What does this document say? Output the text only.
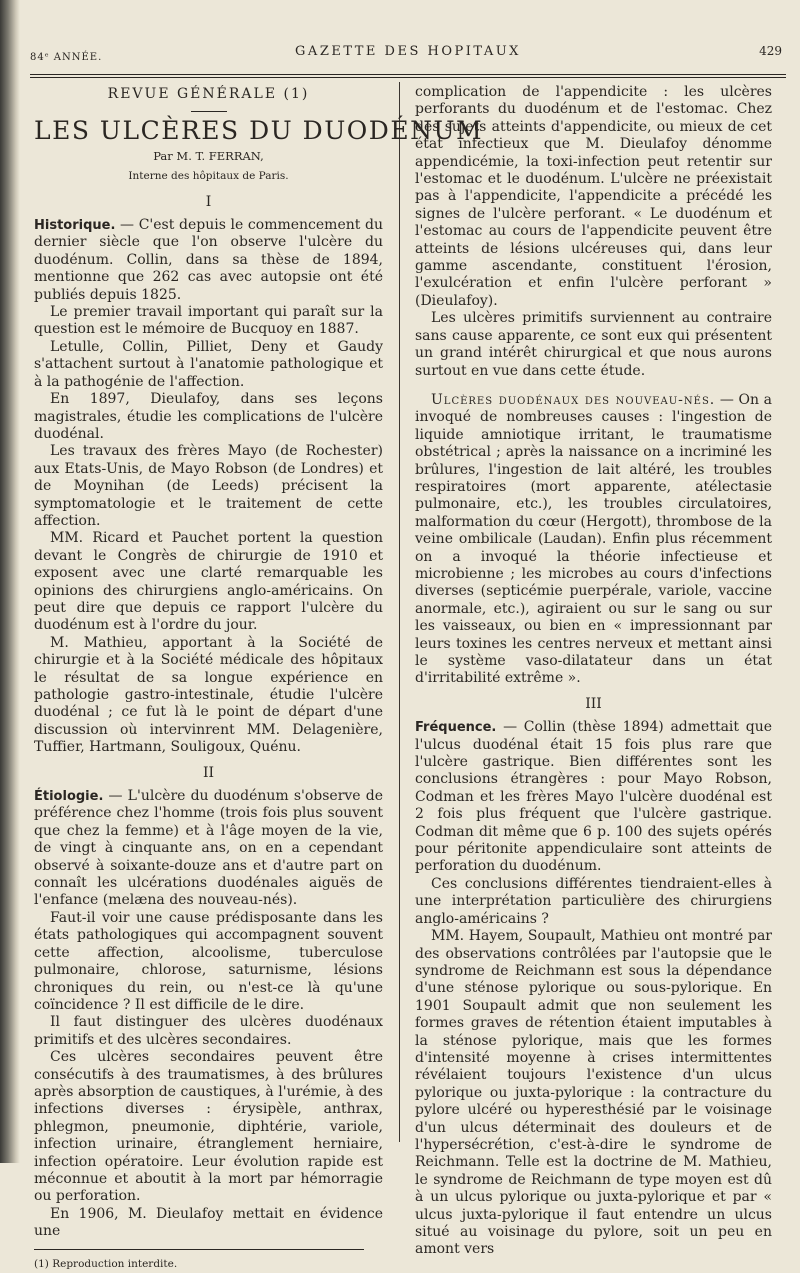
84ᵉ ANNÉE.	GAZETTE DES HOPITAUX	429
REVUE GÉNÉRALE (1)
LES ULCÈRES DU DUODÉNUM
Par M. T. FERRAN,
Interne des hôpitaux de Paris.
I

Historique. — C'est depuis le commencement du dernier siècle que l'on observe l'ulcère du duodénum. Collin, dans sa thèse de 1894, mentionne que 262 cas avec autopsie ont été publiés depuis 1825.

Le premier travail important qui paraît sur la question est le mémoire de Bucquoy en 1887.

Letulle, Collin, Pilliet, Deny et Gaudy s'attachent surtout à l'anatomie pathologique et à la pathogénie de l'affection.

En 1897, Dieulafoy, dans ses leçons magistrales, étudie les complications de l'ulcère duodénal.

Les travaux des frères Mayo (de Rochester) aux Etats-Unis, de Mayo Robson (de Londres) et de Moynihan (de Leeds) précisent la symptomatologie et le traitement de cette affection.

MM. Ricard et Pauchet portent la question devant le Congrès de chirurgie de 1910 et exposent avec une clarté remarquable les opinions des chirurgiens anglo-américains. On peut dire que depuis ce rapport l'ulcère du duodénum est à l'ordre du jour.

M. Mathieu, apportant à la Société de chirurgie et à la Société médicale des hôpitaux le résultat de sa longue expérience en pathologie gastro-intestinale, étudie l'ulcère duodénal ; ce fut là le point de départ d'une discussion où intervinrent MM. Delagenière, Tuffier, Hartmann, Souligoux, Quénu.

II

Étiologie. — L'ulcère du duodénum s'observe de préférence chez l'homme (trois fois plus souvent que chez la femme) et à l'âge moyen de la vie, de vingt à cinquante ans, on en a cependant observé à soixante-douze ans et d'autre part on connaît les ulcérations duodénales aiguës de l'enfance (melæna des nouveau-nés).

Faut-il voir une cause prédisposante dans les états pathologiques qui accompagnent souvent cette affection, alcoolisme, tuberculose pulmonaire, chlorose, saturnisme, lésions chroniques du rein, ou n'est-ce là qu'une coïncidence ? Il est difficile de le dire.

Il faut distinguer des ulcères duodénaux primitifs et des ulcères secondaires.

Ces ulcères secondaires peuvent être consécutifs à des traumatismes, à des brûlures après absorption de caustiques, à l'urémie, à des infections diverses : érysipèle, anthrax, phlegmon, pneumonie, diphtérie, variole, infection urinaire, étranglement herniaire, infection opératoire. Leur évolution rapide est méconnue et aboutit à la mort par hémorragie ou perforation.

En 1906, M. Dieulafoy mettait en évidence une

(1) Reproduction interdite.

complication de l'appendicite : les ulcères perforants du duodénum et de l'estomac. Chez des sujets atteints d'appendicite, ou mieux de cet état infectieux que M. Dieulafoy dénomme appendicémie, la toxi-infection peut retentir sur l'estomac et le duodénum. L'ulcère ne préexistait pas à l'appendicite, l'appendicite a précédé les signes de l'ulcère perforant. « Le duodénum et l'estomac au cours de l'appendicite peuvent être atteints de lésions ulcéreuses qui, dans leur gamme ascendante, constituent l'érosion, l'exulcération et enfin l'ulcère perforant » (Dieulafoy).

Les ulcères primitifs surviennent au contraire sans cause apparente, ce sont eux qui présentent un grand intérêt chirurgical et que nous aurons surtout en vue dans cette étude.

Ulcères duodénaux des nouveau-nés. — On a invoqué de nombreuses causes : l'ingestion de liquide amniotique irritant, le traumatisme obstétrical ; après la naissance on a incriminé les brûlures, l'ingestion de lait altéré, les troubles respiratoires (mort apparente, atélectasie pulmonaire, etc.), les troubles circulatoires, malformation du cœur (Hergott), thrombose de la veine ombilicale (Laudan). Enfin plus récemment on a invoqué la théorie infectieuse et microbienne ; les microbes au cours d'infections diverses (septicémie puerpérale, variole, vaccine anormale, etc.), agiraient ou sur le sang ou sur les vaisseaux, ou bien en « impressionnant par leurs toxines les centres nerveux et mettant ainsi le système vaso-dilatateur dans un état d'irritabilité extrême ».

III

Fréquence. — Collin (thèse 1894) admettait que l'ulcus duodénal était 15 fois plus rare que l'ulcère gastrique. Bien différentes sont les conclusions étrangères : pour Mayo Robson, Codman et les frères Mayo l'ulcère duodénal est 2 fois plus fréquent que l'ulcère gastrique. Codman dit même que 6 p. 100 des sujets opérés pour péritonite appendiculaire sont atteints de perforation du duodénum.

Ces conclusions différentes tiendraient-elles à une interprétation particulière des chirurgiens anglo-américains ?

MM. Hayem, Soupault, Mathieu ont montré par des observations contrôlées par l'autopsie que le syndrome de Reichmann est sous la dépendance d'une sténose pylorique ou sous-pylorique. En 1901 Soupault admit que non seulement les formes graves de rétention étaient imputables à la sténose pylorique, mais que les formes d'intensité moyenne à crises intermittentes révélaient toujours l'existence d'un ulcus pylorique ou juxta-pylorique : la contracture du pylore ulcéré ou hyperesthésié par le voisinage d'un ulcus déterminait des douleurs et de l'hypersécrétion, c'est-à-dire le syndrome de Reichmann. Telle est la doctrine de M. Mathieu, le syndrome de Reichmann de type moyen est dû à un ulcus pylorique ou juxta-pylorique et par « ulcus juxta-pylorique il faut entendre un ulcus situé au voisinage du pylore, soit un peu en amont vers
